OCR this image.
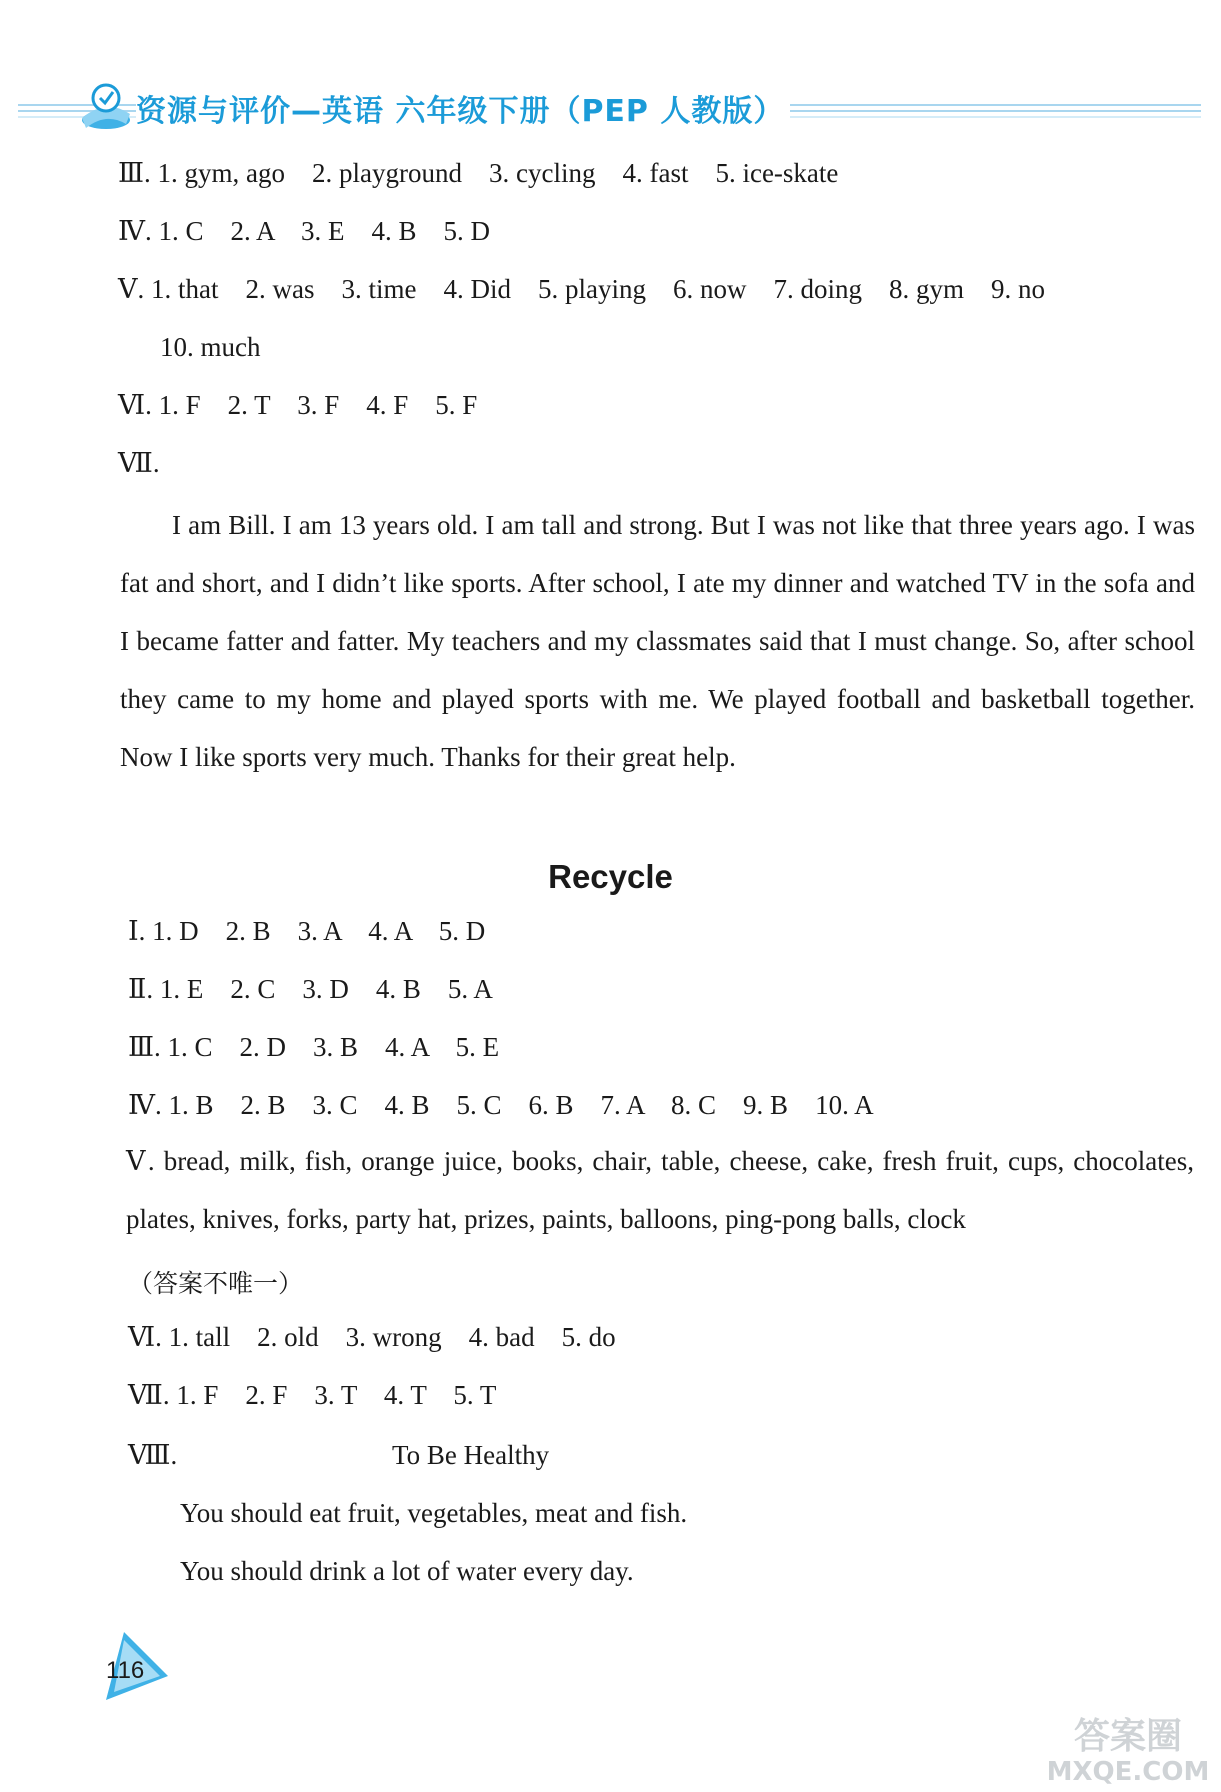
资源与评价—英语 六年级下册（PEP 人教版）
Ⅲ. 1. gym, ago    2. playground    3. cycling    4. fast    5. ice-skate
Ⅳ. 1. C    2. A    3. E    4. B    5. D
Ⅴ. 1. that    2. was    3. time    4. Did    5. playing    6. now    7. doing    8. gym    9. no
10. much
Ⅵ. 1. F    2. T    3. F    4. F    5. F
Ⅶ.
I am Bill. I am 13 years old. I am tall and strong. But I was not like that three years ago. I was fat and short, and I didn’t like sports. After school, I ate my dinner and watched TV in the sofa and I became fatter and fatter. My teachers and my classmates said that I must change. So, after school they came to my home and played sports with me. We played football and basketball together. Now I like sports very much. Thanks for their great help.
Recycle
Ⅰ. 1. D    2. B    3. A    4. A    5. D
Ⅱ. 1. E    2. C    3. D    4. B    5. A
Ⅲ. 1. C    2. D    3. B    4. A    5. E
Ⅳ. 1. B    2. B    3. C    4. B    5. C    6. B    7. A    8. C    9. B    10. A
Ⅴ. bread, milk, fish, orange juice, books, chair, table, cheese, cake, fresh fruit, cups, chocolates, plates, knives, forks, party hat, prizes, paints, balloons, ping-pong balls, clock
（答案不唯一）
Ⅵ. 1. tall    2. old    3. wrong    4. bad    5. do
Ⅶ. 1. F    2. F    3. T    4. T    5. T
Ⅷ.	To Be Healthy
You should eat fruit, vegetables, meat and fish.
You should drink a lot of water every day.
116
答案圈
MXQE.COM
